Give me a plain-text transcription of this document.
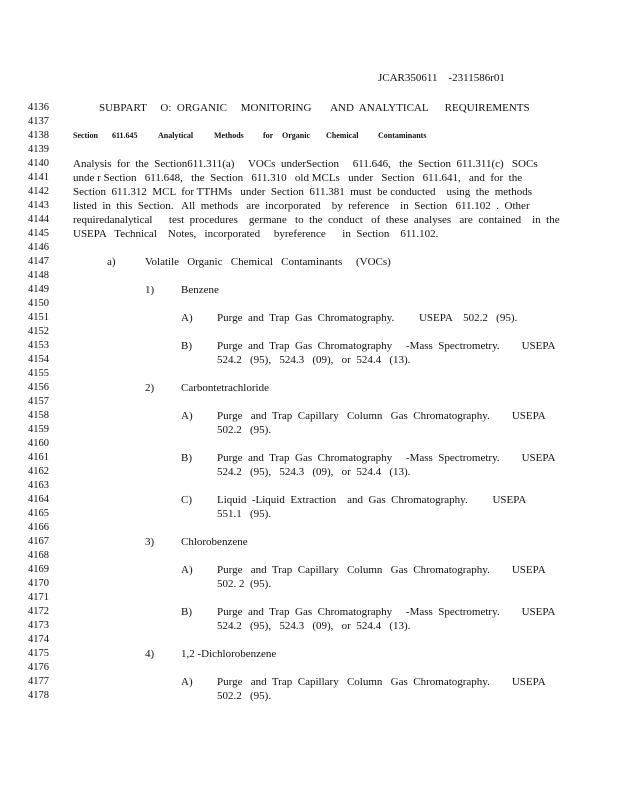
JCAR350611    -2311586r01
4136
4137
4138
4139
4140
4141
4142
4143
4144
4145
4146
4147
4148
4149
4150
4151
4152
4153
4154
4155
4156
4157
4158
4159
4160
4161
4162
4163
4164
4165
4166
4167
4168
4169
4170
4171
4172
4173
4174
4175
4176
4177
4178
SUBPART     O:  ORGANIC     MONITORING       AND  ANALYTICAL      REQUIREMENTS
Section 611.645	Analytical	Methods for Organic Chemical Contaminants
Analysis  for  the  Section611.311(a)     VOCs  underSection     611.646,   the  Section  611.311(c)   SOCs
unde r Section   611.648,   the  Section   611.310   old MCLs   under   Section   611.641,   and  for  the
Section  611.312  MCL  for TTHMs   under  Section  611.381  must  be conducted    using  the  methods
listed  in  this  Section.   All  methods   are  incorporated    by  reference    in  Section   611.102  .  Other
requiredanalytical      test  procedures    germane   to  the  conduct   of  these  analyses   are  contained    in  the
USEPA   Technical    Notes,   incorporated     byreference      in  Section    611.102.
a)	Volatile   Organic   Chemical   Contaminants     (VOCs)
1) Benzene
A) Purge  and  Trap  Gas  Chromatography.         USEPA    502.2   (95).
B) Purge  and  Trap  Gas  Chromatography     -Mass  Spectrometry.        USEPA
524.2   (95),   524.3   (09),   or  524.4   (13).
2) Carbontetrachloride
A) Purge   and  Trap  Capillary   Column   Gas  Chromatography.        USEPA
502.2   (95).
B) Purge  and  Trap  Gas  Chromatography     -Mass  Spectrometry.        USEPA
524.2   (95),   524.3   (09),   or  524.4   (13).
C) Liquid  -Liquid  Extraction    and  Gas  Chromatography.         USEPA
551.1   (95).
3) Chlorobenzene
A) Purge   and  Trap  Capillary   Column   Gas  Chromatography.        USEPA
502. 2  (95).
B) Purge  and  Trap  Gas  Chromatography     -Mass  Spectrometry.        USEPA
524.2   (95),   524.3   (09),   or  524.4   (13).
4) 1,2 -Dichlorobenzene
A) Purge   and  Trap  Capillary   Column   Gas  Chromatography.        USEPA
502.2   (95).
